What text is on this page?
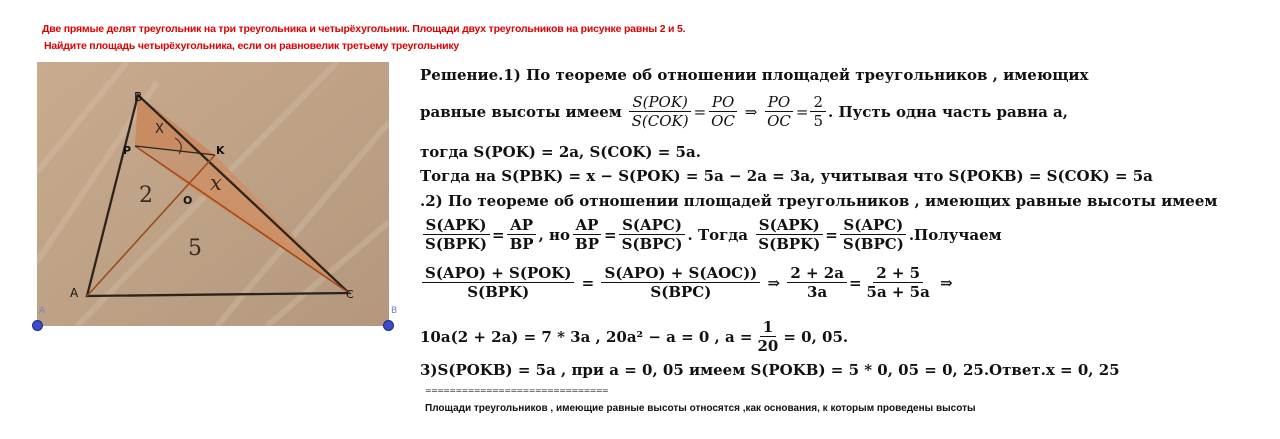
Две прямые делят треугольник на три треугольника и четырёхугольник. Площади двух треугольников на рисунке равны 2 и 5.
Найдите площадь четырёхугольника, если он равновелик третьему треугольнику
B
P	K
O
A	C
X
x
2
5
A	B
Решение.1) По теореме об отношении площадей треугольников , имеющих
равные высоты имеем
$\frac{\text{S(POK)}}{\text{S(COK)}} = \frac{PO}{OC}$
⇒
$\frac{PO}{OC} = \frac{2}{5}$ . Пусть одна часть равна a,
тогда S(POK) = 2a, S(COK) = 5a.
Тогда на S(PBK) = x − S(POK) = 5a − 2a = 3a, учитывая что S(POKB) = S(COK) = 5a
.2) По теореме об отношении площадей треугольников , имеющих равные высоты имеем
$\frac{\text{S(APK)}}{\text{S(BPK)}} = \frac{AP}{BP}$ , но $\frac{AP}{BP} = \frac{\text{S(APC)}}{\text{S(BPC)}}$ . Тогда
$\frac{\text{S(APK)}}{\text{S(BPK)}} = \frac{\text{S(APC)}}{\text{S(BPC)}}$ .Получаем
$\frac{\text{S(APO) + S(POK)}}{\text{S(BPK)}}$
=
$\frac{\text{S(APO) + S(AOC))}}{\text{S(BPC)}}$
⇒
$\frac{2 + 2a}{3a} = \frac{2 + 5}{5a + 5a}$
⇒
10a(2 + 2a) = 7 * 3a , 20a² − a = 0 , $a = \frac{1}{20} = 0$, 05.
3)S(POKB) = 5a , при a = 0, 05 имеем S(POKB) = 5 * 0, 05 = 0, 25.Ответ.x = 0, 25
==============================
Площади треугольников , имеющие равные высоты относятся ,как основания, к которым проведены высоты
